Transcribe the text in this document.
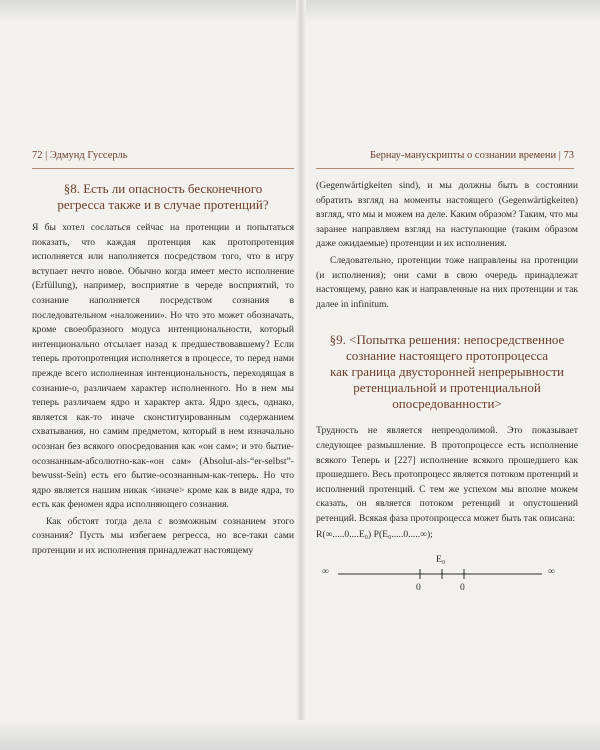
72 | Эдмунд Гуссерль
§8. Есть ли опасность бесконечного
регресса также и в случае протенций?

Я бы хотел сослаться сейчас на протенции и попытаться показать, что каждая протенция как протопротенция исполняется или наполняется посредством того, что в игру вступает нечто новое. Обычно когда имеет место исполнение (Erfüllung), например, восприятие в череде восприятий, то сознание наполняется посредством сознания в последовательном «наложении». Но что это может обозначать, кроме своеобразного модуса интенциональности, который интенционально отсылает назад к предшествовавшему? Если теперь протопротенция исполняется в процессе, то перед нами прежде всего исполненная интенциональность, переходящая в сознание-о, различаем характер исполненного. Но в нем мы теперь различаем ядро и характер акта. Ядро здесь, однако, является как-то иначе сконституированным содержанием схватывания, но самим предметом, который в нем изначально осознан без всякого опосредования как «он сам»; и это бытие-осознанным-абсолютно-как-«он сам» (Absolut-als-“er-selbst”-bewusst-Sein) есть его бытие-осознанным-как-теперь. Но что ядро является нашим никак <иначе> кроме как в виде ядра, то есть как феномен ядра исполняющего сознания.

Как обстоят тогда дела с возможным сознанием этого сознания? Пусть мы избегаем регресса, но все-таки сами протенции и их исполнения принадлежат настоящему

Бернау-манускрипты о сознании времени | 73

(Gegenwärtigkeiten sind), и мы должны быть в состоянии обратить взгляд на моменты настоящего (Gegenwärtigkeiten) взгляд, что мы и можем на деле. Каким образом? Таким, что мы заранее направляем взгляд на наступающие (таким образом даже ожидаемые) протенции и их исполнения.

Следовательно, протенции тоже направлены на протенции (и исполнения); они сами в свою очередь принадлежат настоящему, равно как и направленные на них протенции и так далее in infinitum.

§9. <Попытка решения: непосредственное
сознание настоящего протопроцесса
как граница двусторонней непрерывности
ретенциальной и протенциальной
опосредованности>

Трудность не является непреодолимой. Это показывает следующее размышление. В протопроцессе есть исполнение всякого Теперь и [227] исполнение всякого прошедшего как прошедшего. Весь протопроцесс является потоком протенций и исполнений протенций. С тем же успехом мы вполне можем сказать, он является потоком ретенций и опустошений ретенций. Всякая фаза протопроцесса может быть так описана:

R(∞.....0....E₀) P(E₀.....0.....∞);
∞	∞
E₀
0	0
